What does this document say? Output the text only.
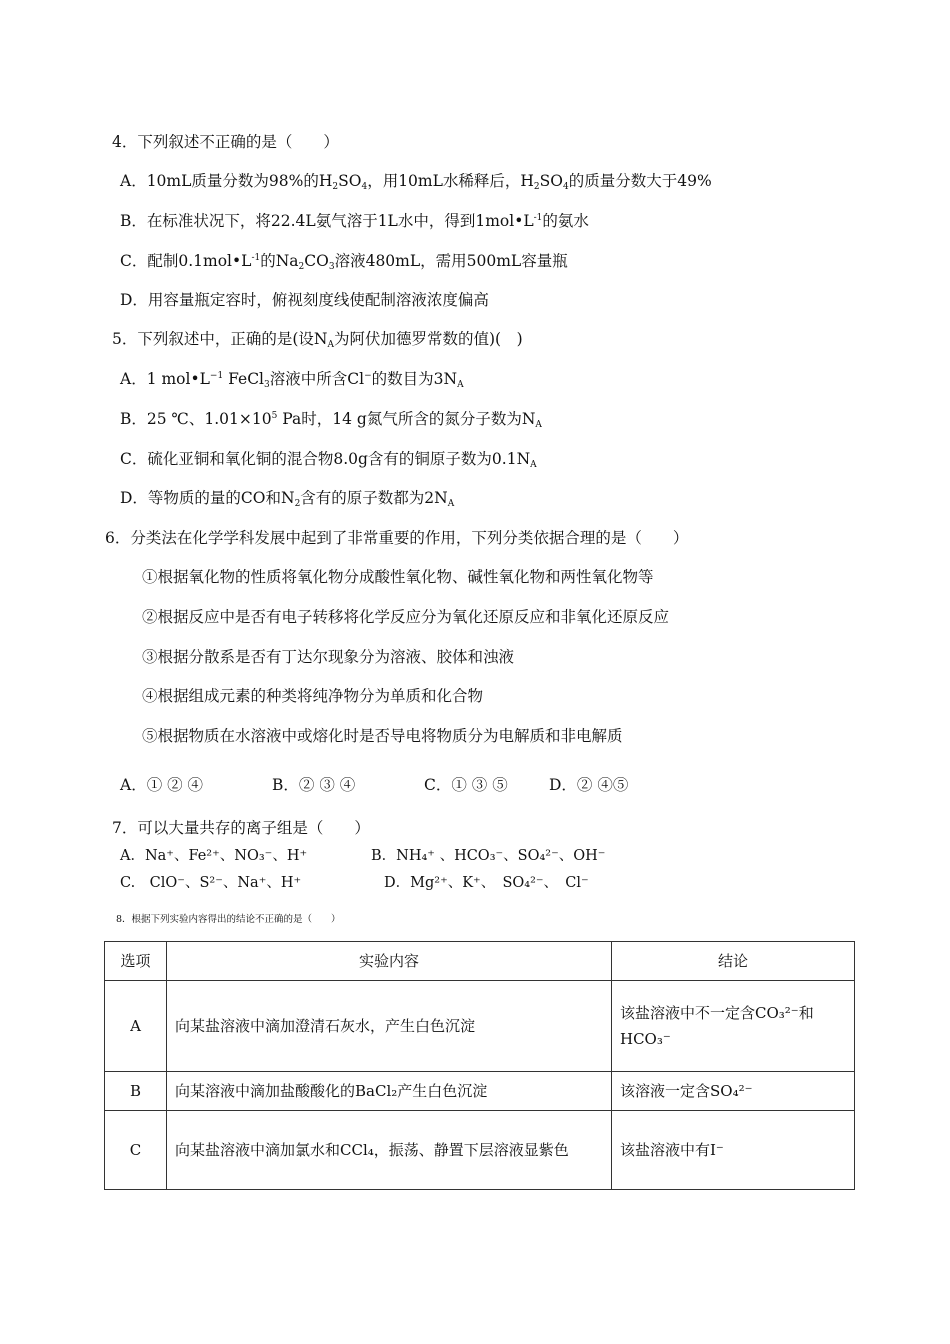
4．下列叙述不正确的是（　　）
A．10mL质量分数为98%的$H_2SO_4$，用10mL水稀释后，$H_2SO_4$的质量分数大于49%
B．在标准状况下，将22.4L氨气溶于1L水中，得到$1mol•L^{-1}$的氨水
C．配制$0.1mol•L^{-1}$的$Na_2CO_3$溶液480mL，需用500mL容量瓶
D．用容量瓶定容时，俯视刻度线使配制溶液浓度偏高
5．下列叙述中，正确的是(设$N_A$为阿伏加德罗常数的值)(　)
A．1 $mol•L^{-1}$ FeCl$_3$溶液中所含Cl−的数目为$3N_A$
B．25 ℃、$1.01\times 10^5$ Pa时，14 g氮气所含的氮分子数为$N_A$
C．硫化亚铜和氧化铜的混合物8.0g含有的铜原子数为$0.1N_A$
D．等物质的量的CO和$N_2$含有的原子数都为$2N_A$
6．分类法在化学学科发展中起到了非常重要的作用，下列分类依据合理的是（　　）
①根据氧化物的性质将氧化物分成酸性氧化物、碱性氧化物和两性氧化物等
②根据反应中是否有电子转移将化学反应分为氧化还原反应和非氧化还原反应
③根据分散系是否有丁达尔现象分为溶液、胶体和浊液
④根据组成元素的种类将纯净物分为单质和化合物
⑤根据物质在水溶液中或熔化时是否导电将物质分为电解质和非电解质
A．① ② ④	B．② ③ ④	C．① ③ ⑤	D．② ④⑤
7．可以大量共存的离子组是（　　）
A．Na⁺、Fe²⁺、NO₃⁻、H⁺	B．NH₄⁺ 、HCO₃⁻、SO₄²⁻、OH⁻
C.　ClO⁻、S²⁻、Na⁺、H⁺	D．Mg²⁺、K⁺、　SO₄²⁻、　Cl⁻
8．根据下列实验内容得出的结论不正确的是（　　）
选项	实验内容	结论
A	向某盐溶液中滴加澄清石灰水，产生白色沉淀	该盐溶液中不一定含CO₃²⁻和 HCO₃⁻
B	向某溶液中滴加盐酸酸化的BaCl₂产生白色沉淀	该溶液一定含SO₄²⁻
C	向某盐溶液中滴加氯水和CCl₄，振荡、静置下层溶液显紫色	该盐溶液中有I⁻
